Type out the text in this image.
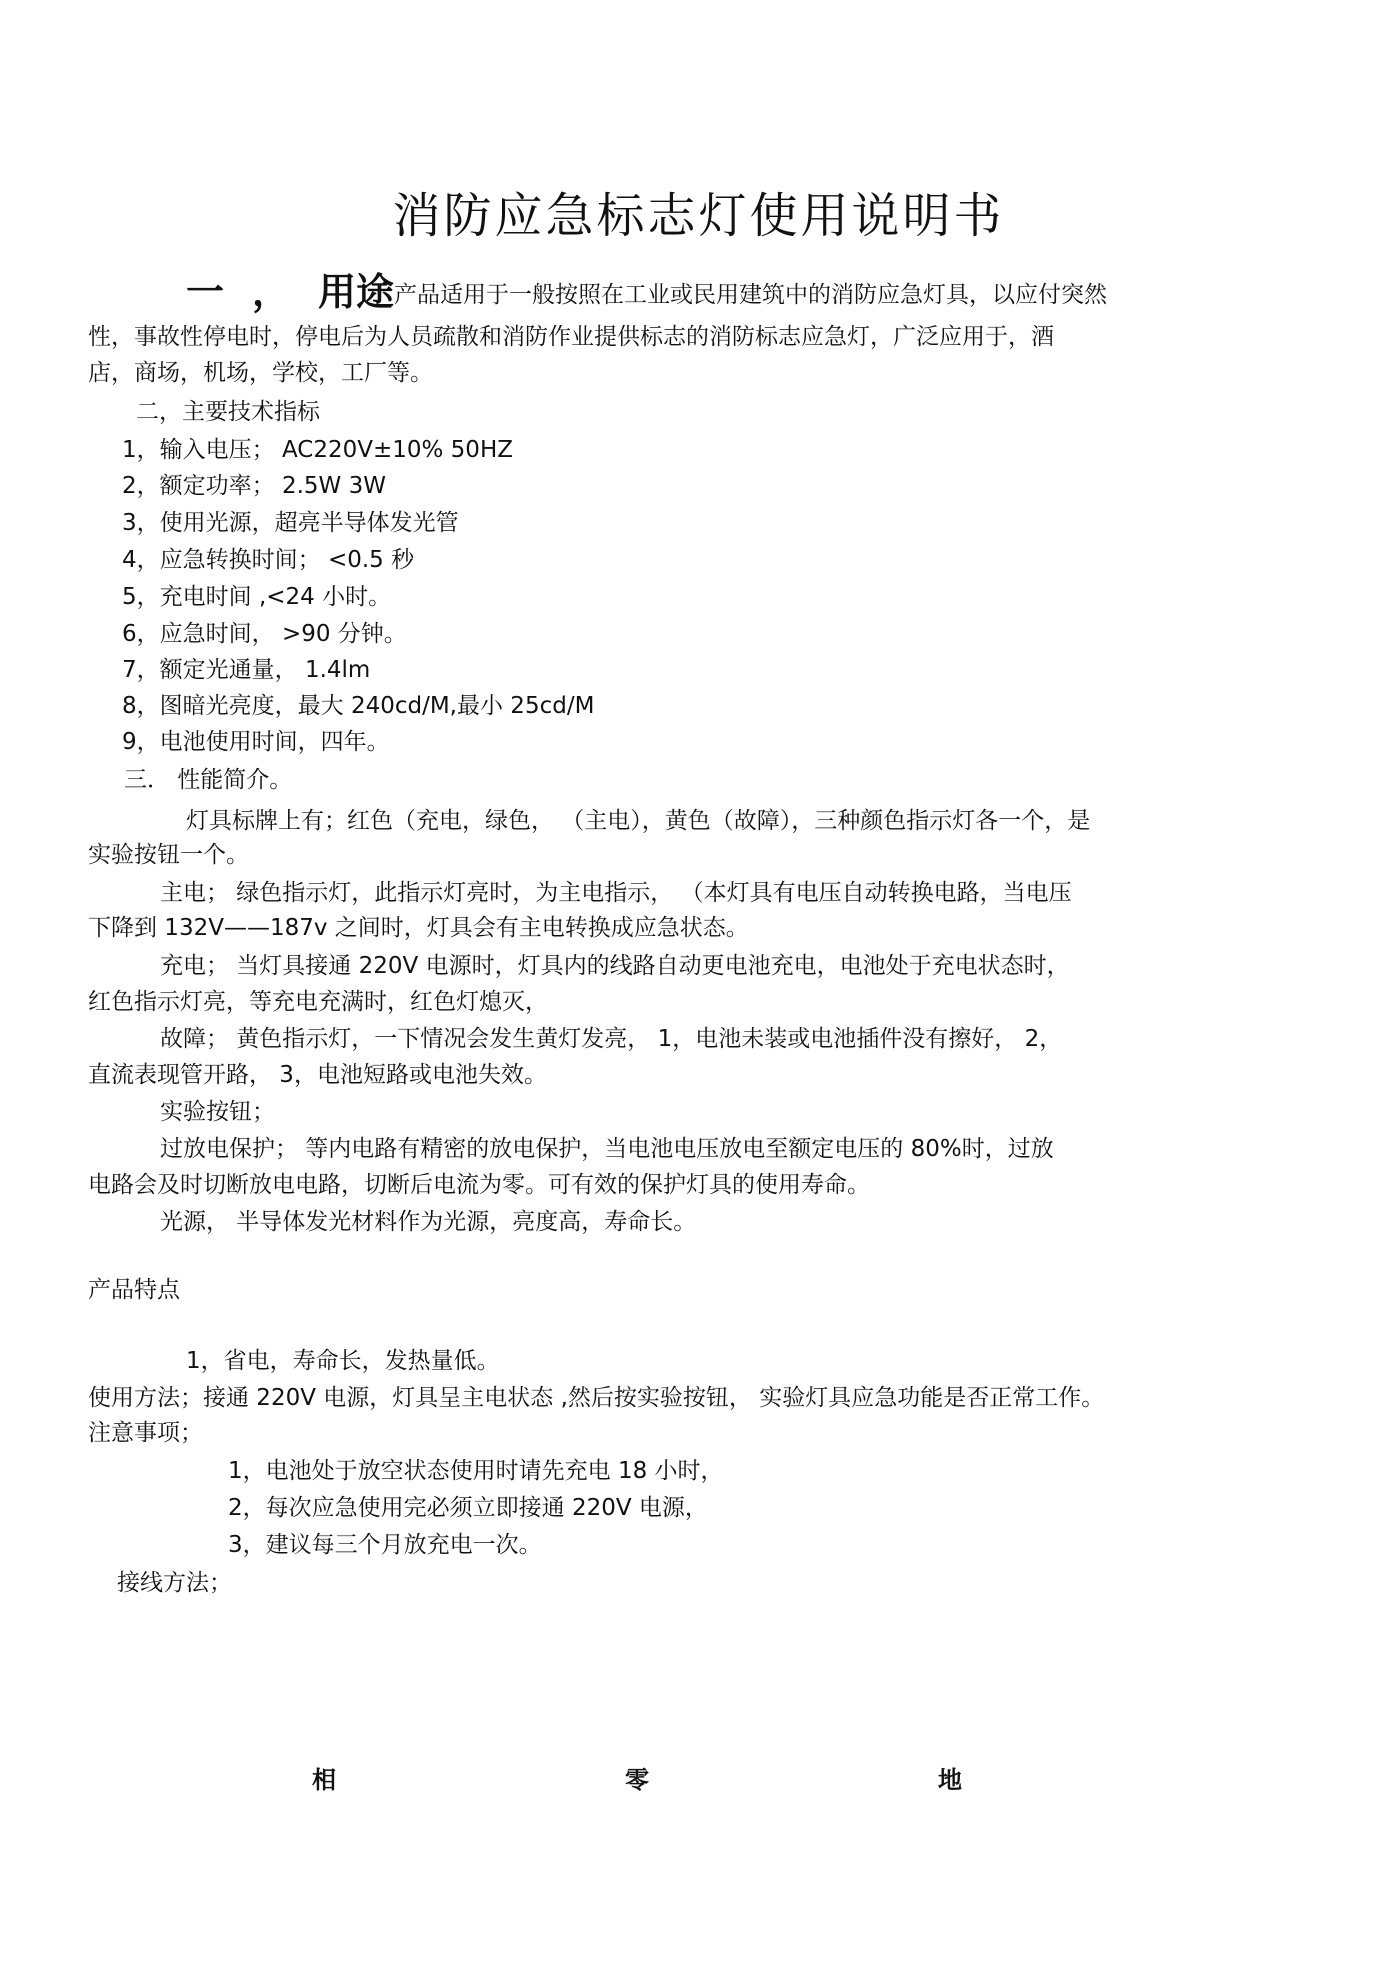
消防应急标志灯使用说明书
一 ， 用途产品适用于一般按照在工业或民用建筑中的消防应急灯具，以应付突然
性，事故性停电时，停电后为人员疏散和消防作业提供标志的消防标志应急灯，广泛应用于，酒
店，商场，机场，学校，工厂等。
二，主要技术指标
1，输入电压； AC220V±10% 50HZ
2，额定功率； 2.5W 3W
3，使用光源，超亮半导体发光管
4，应急转换时间； <0.5 秒
5，充电时间 ,<24 小时。
6，应急时间， >90 分钟。
7，额定光通量， 1.4lm
8，图暗光亮度，最大 240cd/M,最小 25cd/M
9，电池使用时间，四年。
三． 性能简介。
灯具标牌上有；红色（充电，绿色， （主电），黄色（故障），三种颜色指示灯各一个，是
实验按钮一个。
主电； 绿色指示灯，此指示灯亮时，为主电指示， （本灯具有电压自动转换电路，当电压
下降到 132V——187v 之间时，灯具会有主电转换成应急状态。
充电； 当灯具接通 220V 电源时，灯具内的线路自动更电池充电，电池处于充电状态时，
红色指示灯亮，等充电充满时，红色灯熄灭，
故障； 黄色指示灯，一下情况会发生黄灯发亮， 1，电池未装或电池插件没有擦好， 2，
直流表现管开路， 3，电池短路或电池失效。
实验按钮；
过放电保护； 等内电路有精密的放电保护，当电池电压放电至额定电压的 80%时，过放
电路会及时切断放电电路，切断后电流为零。可有效的保护灯具的使用寿命。
光源， 半导体发光材料作为光源，亮度高，寿命长。
产品特点
1，省电，寿命长，发热量低。
使用方法；接通 220V 电源，灯具呈主电状态 ,然后按实验按钮， 实验灯具应急功能是否正常工作。
注意事项；
1，电池处于放空状态使用时请先充电 18 小时，
2，每次应急使用完必须立即接通 220V 电源，
3，建议每三个月放充电一次。
接线方法；
相	零	地
